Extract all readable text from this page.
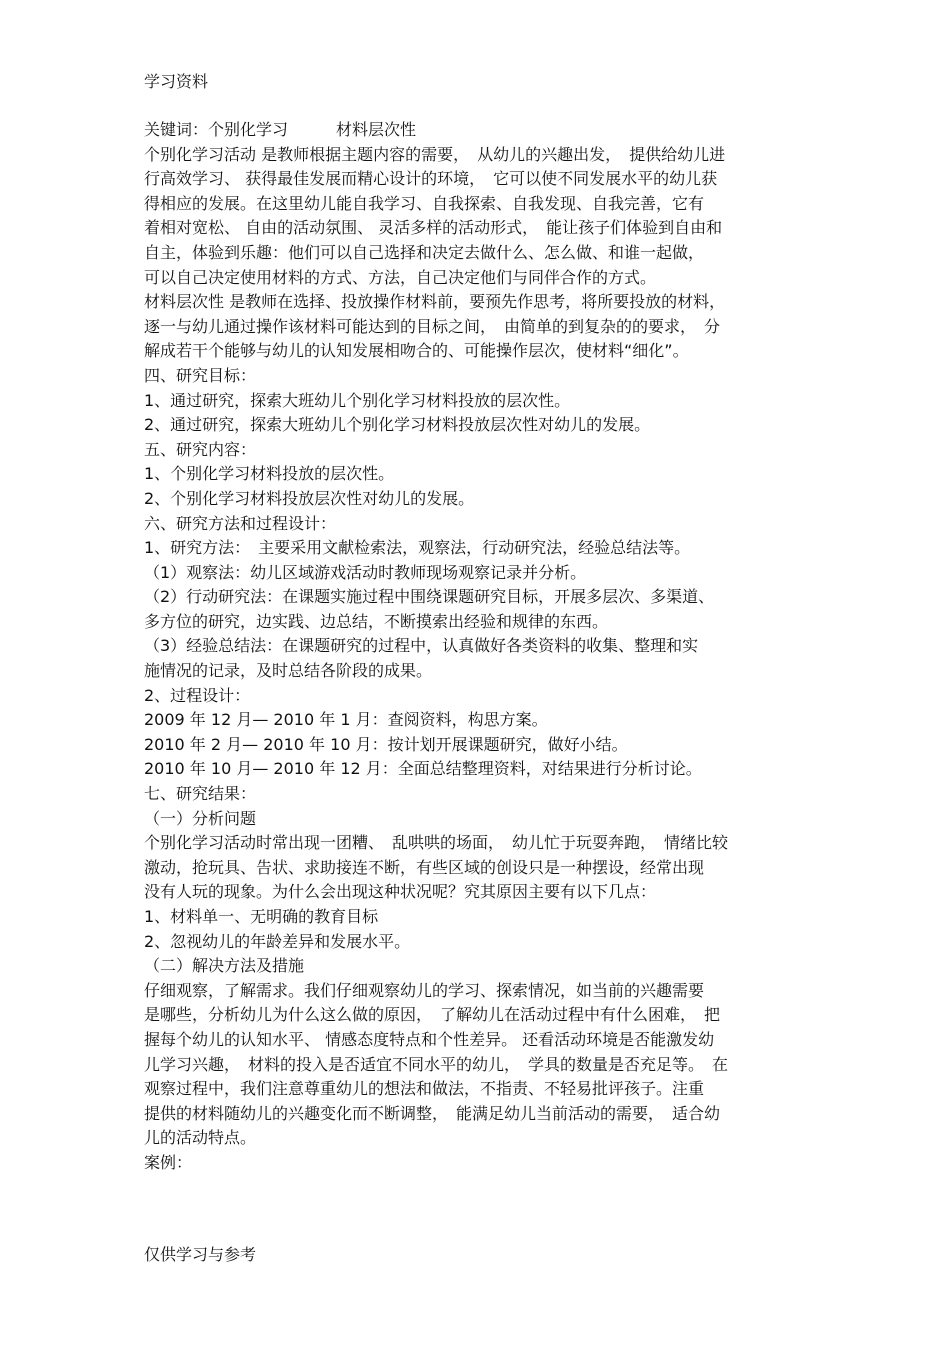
学习资料
关键词：个别化学习　　　材料层次性
个别化学习活动 是教师根据主题内容的需要，　从幼儿的兴趣出发，　提供给幼儿进
行高效学习、 获得最佳发展而精心设计的环境，　它可以使不同发展水平的幼儿获
得相应的发展。在这里幼儿能自我学习、自我探索、自我发现、自我完善，它有
着相对宽松、 自由的活动氛围、 灵活多样的活动形式，　能让孩子们体验到自由和
自主，体验到乐趣：他们可以自己选择和决定去做什么、怎么做、和谁一起做，
可以自己决定使用材料的方式、方法，自己决定他们与同伴合作的方式。
材料层次性 是教师在选择、投放操作材料前，要预先作思考，将所要投放的材料，
逐一与幼儿通过操作该材料可能达到的目标之间，　由简单的到复杂的的要求，　分
解成若干个能够与幼儿的认知发展相吻合的、可能操作层次，使材料“细化”。
四、研究目标：
1、通过研究，探索大班幼儿个别化学习材料投放的层次性。
2、通过研究，探索大班幼儿个别化学习材料投放层次性对幼儿的发展。
五、研究内容：
1、个别化学习材料投放的层次性。
2、个别化学习材料投放层次性对幼儿的发展。
六、研究方法和过程设计：
1、研究方法：　主要采用文献检索法，观察法，行动研究法，经验总结法等。
（1）观察法：幼儿区域游戏活动时教师现场观察记录并分析。
（2）行动研究法：在课题实施过程中围绕课题研究目标，开展多层次、多渠道、
多方位的研究，边实践、边总结，不断摸索出经验和规律的东西。
（3）经验总结法：在课题研究的过程中，认真做好各类资料的收集、整理和实
施情况的记录，及时总结各阶段的成果。
2、过程设计：
2009 年 12 月— 2010 年 1 月：查阅资料，构思方案。
2010 年 2 月— 2010 年 10 月：按计划开展课题研究，做好小结。
2010 年 10 月— 2010 年 12 月：全面总结整理资料，对结果进行分析讨论。
七、研究结果：
（一）分析问题
个别化学习活动时常出现一团糟、　乱哄哄的场面，　幼儿忙于玩耍奔跑，　情绪比较
激动，抢玩具、告状、求助接连不断，有些区域的创设只是一种摆设，经常出现
没有人玩的现象。为什么会出现这种状况呢？究其原因主要有以下几点：
1、材料单一、无明确的教育目标
2、忽视幼儿的年龄差异和发展水平。
（二）解决方法及措施
仔细观察，了解需求。我们仔细观察幼儿的学习、探索情况，如当前的兴趣需要
是哪些，分析幼儿为什么这么做的原因，　了解幼儿在活动过程中有什么困难，　把
握每个幼儿的认知水平、 情感态度特点和个性差异。 还看活动环境是否能激发幼
儿学习兴趣，　材料的投入是否适宜不同水平的幼儿，　学具的数量是否充足等。　在
观察过程中，我们注意尊重幼儿的想法和做法，不指责、不轻易批评孩子。注重
提供的材料随幼儿的兴趣变化而不断调整，　能满足幼儿当前活动的需要，　适合幼
儿的活动特点。
案例：
仅供学习与参考
